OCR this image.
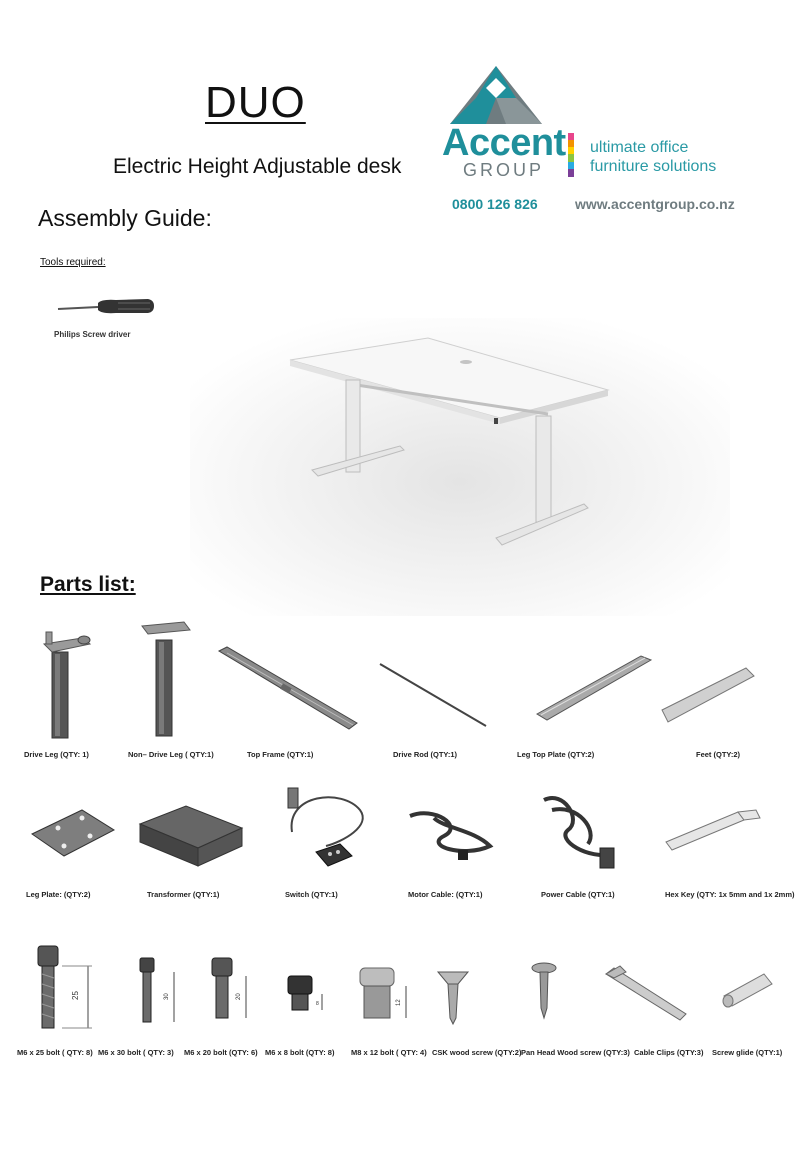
DUO
Electric Height Adjustable desk
Assembly Guide:
Tools required:
Philips Screw driver
Accent
GROUP
ultimate office
furniture solutions
0800 126 826	www.accentgroup.co.nz
Parts list:
Drive Leg (QTY: 1)	Non– Drive Leg ( QTY:1)	Top Frame (QTY:1)	Drive Rod (QTY:1)	Leg Top Plate (QTY:2)	Feet (QTY:2)
Leg Plate: (QTY:2)	Transformer (QTY:1)	Switch (QTY:1)	Motor Cable: (QTY:1)	Power Cable (QTY:1)	Hex Key (QTY: 1x 5mm and 1x 2mm)
25	30	20
8	12
M6 x 25 bolt ( QTY: 8) M6 x 30 bolt ( QTY: 3) M6 x 20 bolt (QTY: 6) M6 x 8 bolt (QTY: 8) M8 x 12 bolt ( QTY: 4) CSK wood screw (QTY:2) Pan Head Wood screw (QTY:3) Cable Clips (QTY:3) Screw glide (QTY:1)
